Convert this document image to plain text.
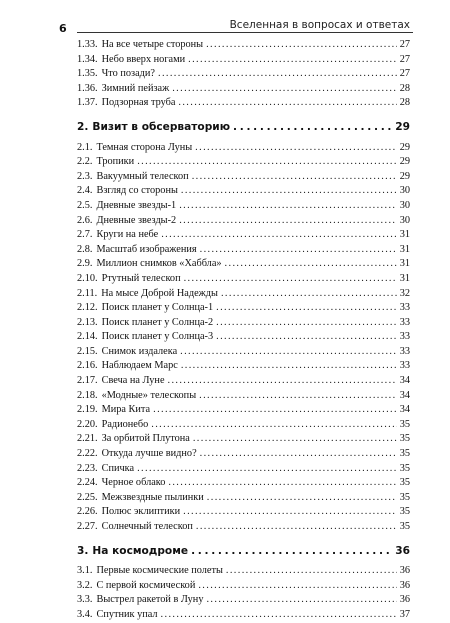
6	Вселенная в вопросах и ответах
1.33. На все четыре стороны . . .	27
1.34. Небо вверх ногами . . .	27
1.35. Что позади? . . .	27
1.36. Зимний пейзаж . . .	28
1.37. Подзорная труба . . .	28
2. Визит в обсерваторию . . .	29
2.1. Темная сторона Луны . . .	29
2.2. Тропики . . .	29
2.3. Вакуумный телескоп . . .	29
2.4. Взгляд со стороны . . .	30
2.5. Дневные звезды-1 . . .	30
2.6. Дневные звезды-2 . . .	30
2.7. Круги на небе . . .	31
2.8. Масштаб изображения . . .	31
2.9. Миллион снимков «Хаббла» . . .	31
2.10. Ртутный телескоп . . .	31
2.11. На мысе Доброй Надежды . . .	32
2.12. Поиск планет у Солнца-1 . . .	33
2.13. Поиск планет у Солнца-2 . . .	33
2.14. Поиск планет у Солнца-3 . . .	33
2.15. Снимок издалека . . .	33
2.16. Наблюдаем Марс . . .	33
2.17. Свеча на Луне . . .	34
2.18. «Модные» телескопы . . .	34
2.19. Мира Кита . . .	34
2.20. Радионебо . . .	35
2.21. За орбитой Плутона . . .	35
2.22. Откуда лучше видно? . . .	35
2.23. Спичка . . .	35
2.24. Черное облако . . .	35
2.25. Межзвездные пылинки . . .	35
2.26. Полюс эклиптики . . .	35
2.27. Солнечный телескоп . . .	35
3. На космодроме . . .	36
3.1. Первые космические полеты . . .	36
3.2. С первой космической . . .	36
3.3. Выстрел ракетой в Луну . . .	36
3.4. Спутник упал . . .	37
